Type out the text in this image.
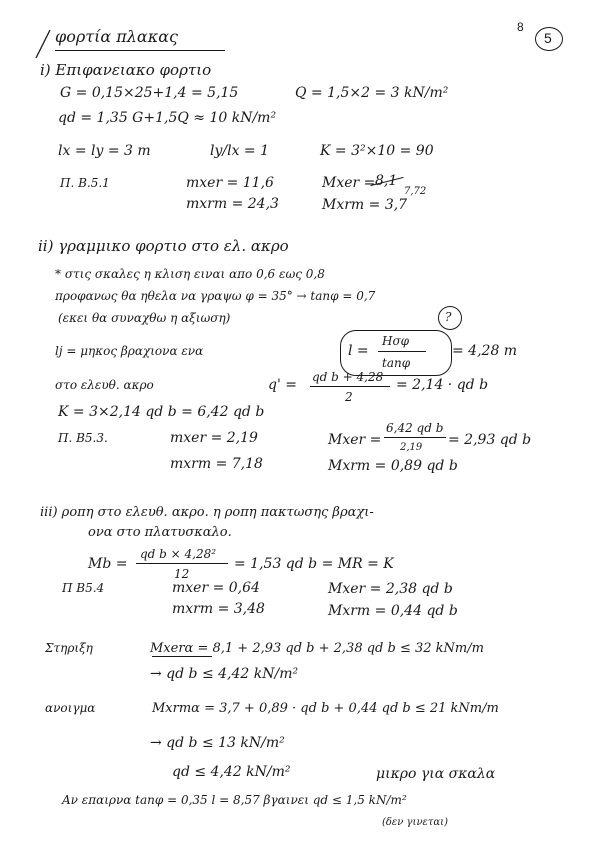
8
5
φορτία πλακας
i) Επιφανειακο φορτιο
G = 0,15×25+1,4 = 5,15	Q = 1,5×2 = 3 kN/m²
qd = 1,35 G+1,5Q ≈ 10 kN/m²
lx = ly = 3 m	ly/lx = 1	K = 3²×10 = 90
Π. Β.5.1	mxer = 11,6
mxrm = 24,3
Mxer = 8,1
7,72
Mxrm = 3,7
ii) γραμμικο φορτιο στο ελ. ακρο
* στις σκαλες η κλιση ειναι απο 0,6 εως 0,8
προφανως θα ηθελα να γραψω φ = 35° → tanφ = 0,7
(εκει θα συναχθω η αξιωση)	?
lj = μηκος βραχιονα ενα	l =
Hσφ
tanφ
= 4,28 m
στο ελευθ. ακρο	q' = qd b + 4,28
2
= 2,14 · qd b
K = 3×2,14 qd b = 6,42 qd b
Π. Β5.3.	mxer = 2,19
mxrm = 7,18
Mxer =
6,42 qd b
2,19 = 2,93 qd b
Mxrm = 0,89 qd b
iii) ροπη στο ελευθ. ακρο. η ροπη πακτωσης βραχι-
ονα στο πλατυσκαλο.
Mb =
qd b × 4,28²
12
= 1,53 qd b = MR = K
Π Β5.4	mxer = 0,64
mxrm = 3,48
Mxer = 2,38 qd b
Mxrm = 0,44 qd b
Στηριξη	Mxerα = 8,1 + 2,93 qd b + 2,38 qd b ≤ 32 kNm/m
→ qd b ≤ 4,42 kN/m²
ανοιγμα	Mxrmα = 3,7 + 0,89 · qd b + 0,44 qd b ≤ 21 kNm/m
→ qd b ≤ 13 kN/m²
qd ≤ 4,42 kN/m²	μικρο για σκαλα
Αν επαιρνα tanφ = 0,35 l = 8,57 βγαινει qd ≤ 1,5 kN/m²
(δεν γινεται)
